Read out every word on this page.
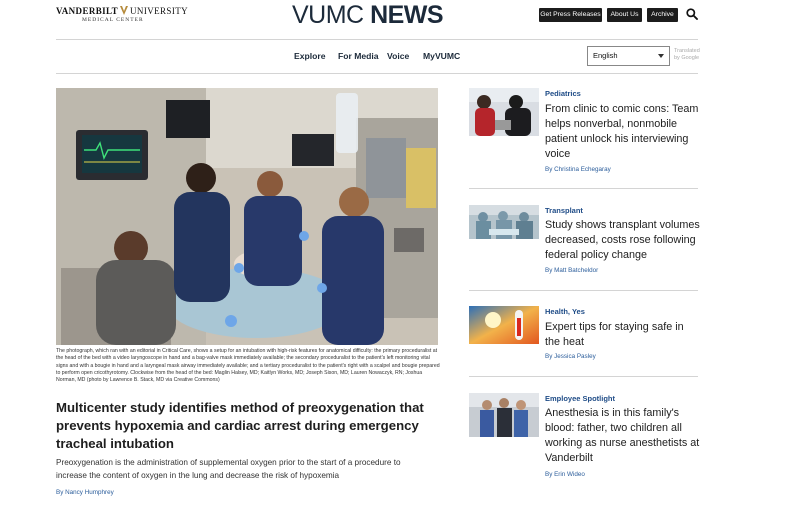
VANDERBILT UNIVERSITY
MEDICAL CENTER	VUMC NEWS	Get Press Releases	About Us	Archive
Explore For Media Voice MyVUMC	English	Translated
by Google
The photograph, which ran with an editorial in Critical Care, shows a setup for an intubation with high-risk features for anatomical difficulty: the primary proceduralist at the head of the bed with a video laryngoscope in hand and a bag-valve mask immediately available; the secondary proceduralist to the patient's left monitoring vital signs and with a bougie in hand and a laryngeal mask airway immediately available; and a tertiary proceduralist to the patient's right with a scalpel and bougie prepared to perform open cricothyrotomy. Clockwise from the head of the bed: Maglin Halsey, MD; Kaitlyn Works, MD; Joseph Sison, MD; Lauren Nowaczyk, RN; Joshua Norman, MD (photo by Lawrence B. Stack, MD via Creative Commons)
Multicenter study identifies method of preoxygenation that prevents hypoxemia and cardiac arrest during emergency tracheal intubation
Preoxygenation is the administration of supplemental oxygen prior to the start of a procedure to increase the content of oxygen in the lung and decrease the risk of hypoxemia
By Nancy Humphrey
Pediatrics
From clinic to comic cons: Team helps nonverbal, nonmobile patient unlock his interviewing voice
By Christina Echegaray
Transplant
Study shows transplant volumes decreased, costs rose following federal policy change
By Matt Batcheldor
Health, Yes
Expert tips for staying safe in the heat
By Jessica Pasley
Employee Spotlight
Anesthesia is in this family's blood: father, two children all working as nurse anesthetists at Vanderbilt
By Erin Wideo
